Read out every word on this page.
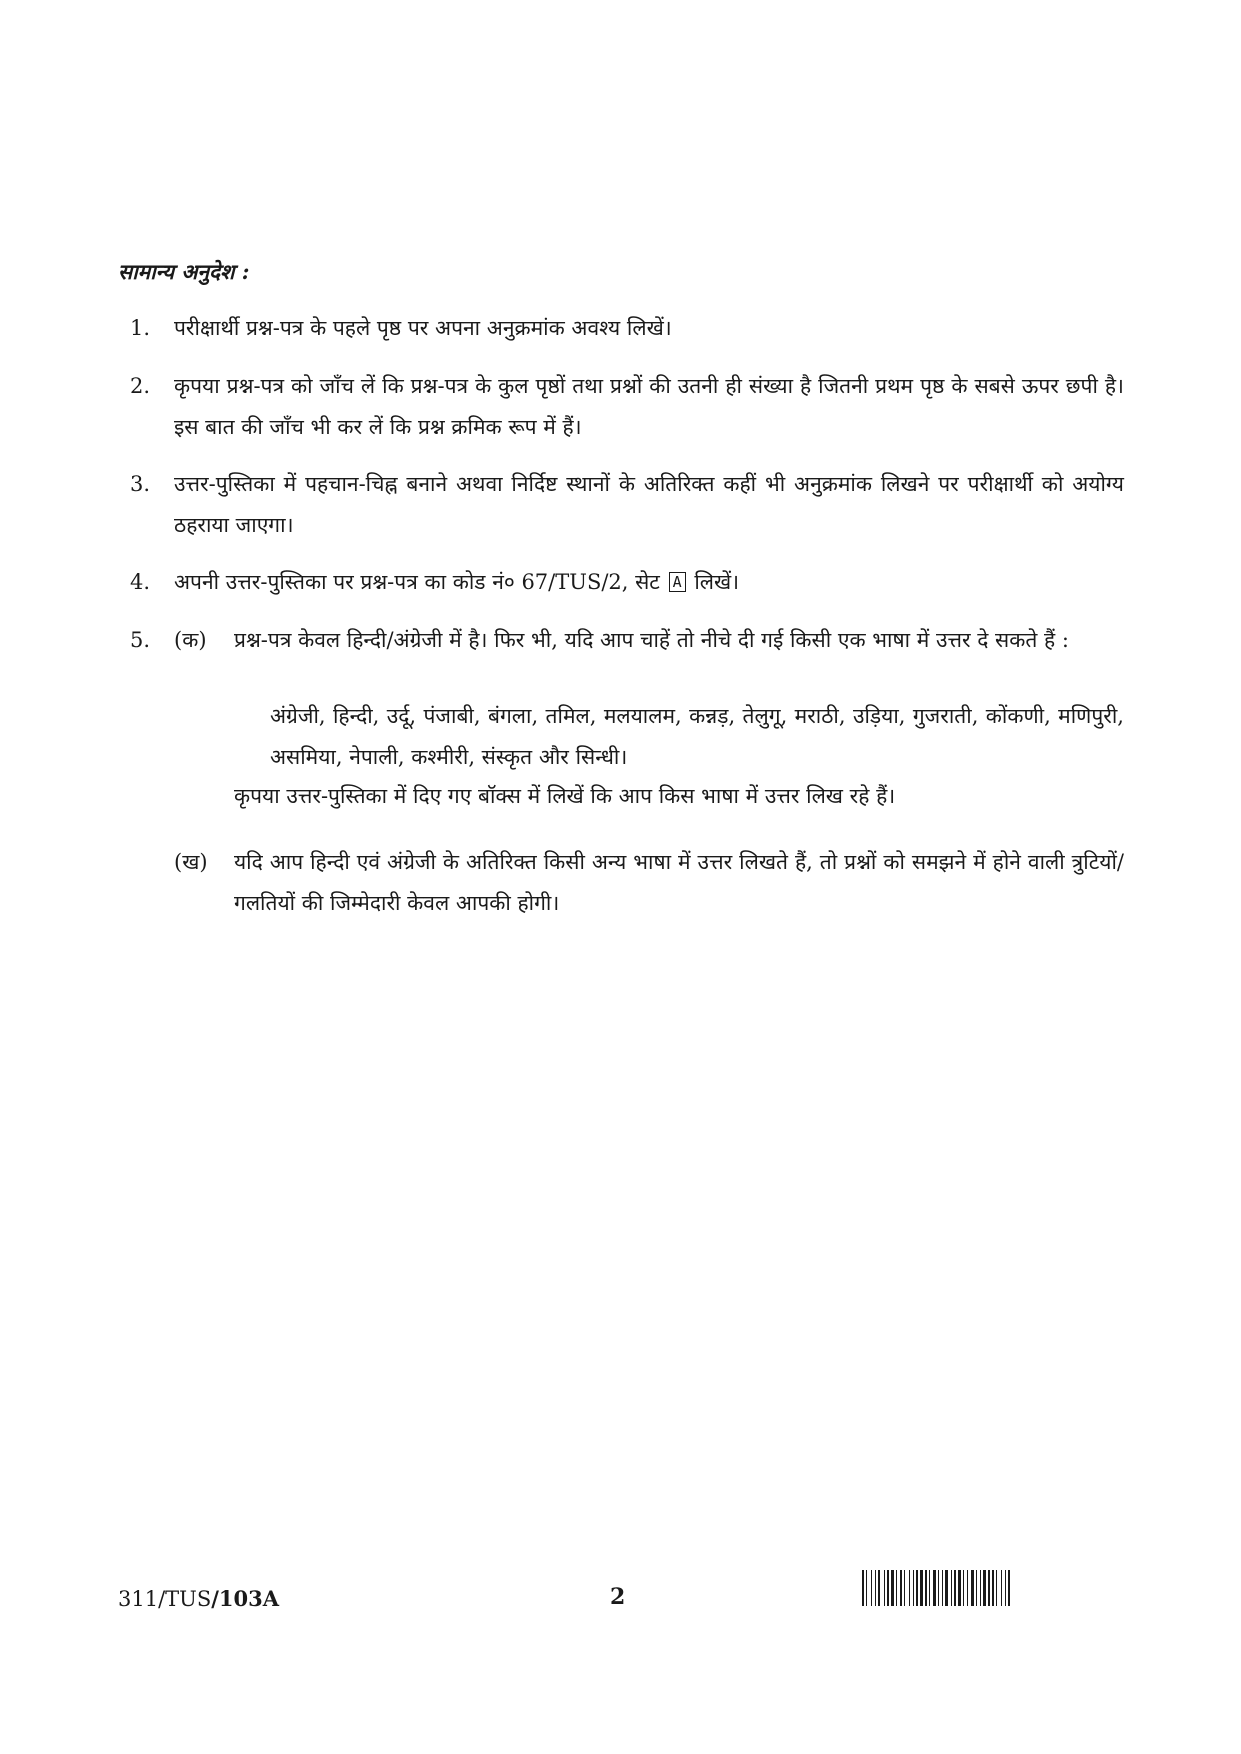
सामान्य अनुदेश :
1.	परीक्षार्थी प्रश्न-पत्र के पहले पृष्ठ पर अपना अनुक्रमांक अवश्य लिखें।
2.	कृपया प्रश्न-पत्र को जाँच लें कि प्रश्न-पत्र के कुल पृष्ठों तथा प्रश्नों की उतनी ही संख्या है जितनी प्रथम पृष्ठ के सबसे ऊपर छपी है। इस बात की जाँच भी कर लें कि प्रश्न क्रमिक रूप में हैं।
3.	उत्तर-पुस्तिका में पहचान-चिह्न बनाने अथवा निर्दिष्ट स्थानों के अतिरिक्त कहीं भी अनुक्रमांक लिखने पर परीक्षार्थी को अयोग्य ठहराया जाएगा।
4.	अपनी उत्तर-पुस्तिका पर प्रश्न-पत्र का कोड नं० 67/TUS/2, सेट A लिखें।
5.	(क)	प्रश्न-पत्र केवल हिन्दी/अंग्रेजी में है। फिर भी, यदि आप चाहें तो नीचे दी गई किसी एक भाषा में उत्तर दे सकते हैं :
अंग्रेजी, हिन्दी, उर्दू, पंजाबी, बंगला, तमिल, मलयालम, कन्नड़, तेलुगू, मराठी, उड़िया, गुजराती, कोंकणी, मणिपुरी, असमिया, नेपाली, कश्मीरी, संस्कृत और सिन्धी।
कृपया उत्तर-पुस्तिका में दिए गए बॉक्स में लिखें कि आप किस भाषा में उत्तर लिख रहे हैं।
(ख)	यदि आप हिन्दी एवं अंग्रेजी के अतिरिक्त किसी अन्य भाषा में उत्तर लिखते हैं, तो प्रश्नों को समझने में होने वाली त्रुटियों/गलतियों की जिम्मेदारी केवल आपकी होगी।
311/TUS/103A	2
